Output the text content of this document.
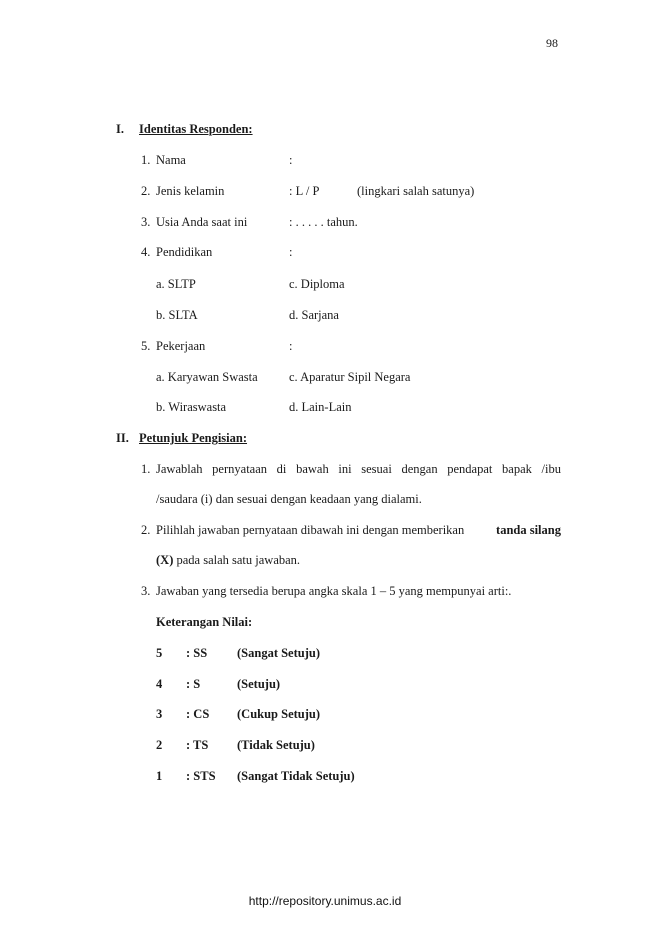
98
I. Identitas Responden:
1. Nama	:
2. Jenis kelamin	: L / P	(lingkari salah satunya)
3. Usia Anda saat ini	: . . . . . tahun.
4. Pendidikan	:
a. SLTP	c. Diploma
b. SLTA	d. Sarjana
5. Pekerjaan	:
a. Karyawan Swasta	c. Aparatur Sipil Negara
b. Wiraswasta	d. Lain-Lain
II. Petunjuk Pengisian:
1. Jawablah pernyataan di bawah ini sesuai dengan pendapat bapak /ibu
/saudara (i) dan sesuai dengan keadaan yang dialami.
2. Pilihlah jawaban pernyataan dibawah ini dengan memberikan	tanda silang
(X) pada salah satu jawaban.
3. Jawaban yang tersedia berupa angka skala 1 – 5 yang mempunyai arti:.
Keterangan Nilai:
5 : SS (Sangat Setuju)
4 : S	(Setuju)
3 : CS (Cukup Setuju)
2 : TS (Tidak Setuju)
1 : STS (Sangat Tidak Setuju)
http://repository.unimus.ac.id
